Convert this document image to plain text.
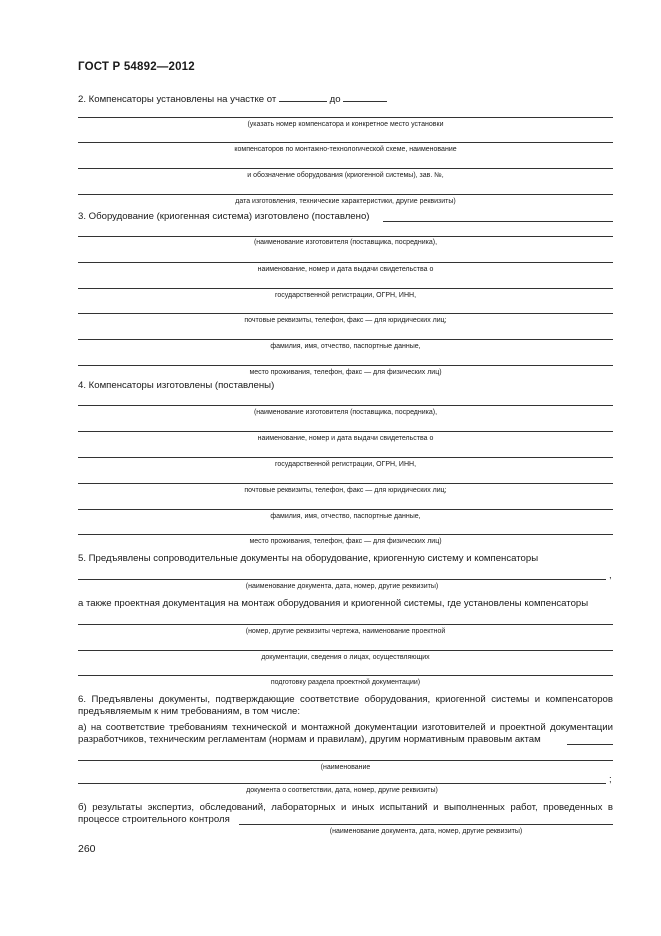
ГОСТ Р 54892—2012
2. Компенсаторы установлены на участке от	до
(указать номер компенсатора и конкретное место установки
компенсаторов по монтажно-технологической схеме, наименование
и обозначение оборудования (криогенной системы), зав. №,
дата изготовления, технические характеристики, другие реквизиты)
3. Оборудование (криогенная система) изготовлено (поставлено)
(наименование изготовителя (поставщика, посредника),
наименование, номер и дата выдачи свидетельства о
государственной регистрации, ОГРН, ИНН,
почтовые реквизиты, телефон, факс — для юридических лиц;
фамилия, имя, отчество, паспортные данные,
место проживания, телефон, факс — для физических лиц)
4. Компенсаторы изготовлены (поставлены)
(наименование изготовителя (поставщика, посредника),
наименование, номер и дата выдачи свидетельства о
государственной регистрации, ОГРН, ИНН,
почтовые реквизиты, телефон, факс — для юридических лиц;
фамилия, имя, отчество, паспортные данные,
место проживания, телефон, факс — для физических лиц)
5. Предъявлены сопроводительные документы на оборудование, криогенную систему и компенсаторы
,
(наименование документа, дата, номер, другие реквизиты)
а также проектная документация на монтаж оборудования и криогенной системы, где установлены компенсаторы
(номер, другие реквизиты чертежа, наименование проектной
документации, сведения о лицах, осуществляющих
подготовку раздела проектной документации)
6. Предъявлены документы, подтверждающие соответствие оборудования, криогенной системы и компенсаторов
предъявляемым к ним требованиям, в том числе:
а) на соответствие требованиям технической и монтажной документации изготовителей и проектной документации
разработчиков, техническим регламентам (нормам и правилам), другим нормативным правовым актам
(наименование
;
документа о соответствии, дата, номер, другие реквизиты)
б) результаты экспертиз, обследований, лабораторных и иных испытаний и выполненных работ, проведенных в
процессе строительного контроля
(наименование документа, дата, номер, другие реквизиты)
260
